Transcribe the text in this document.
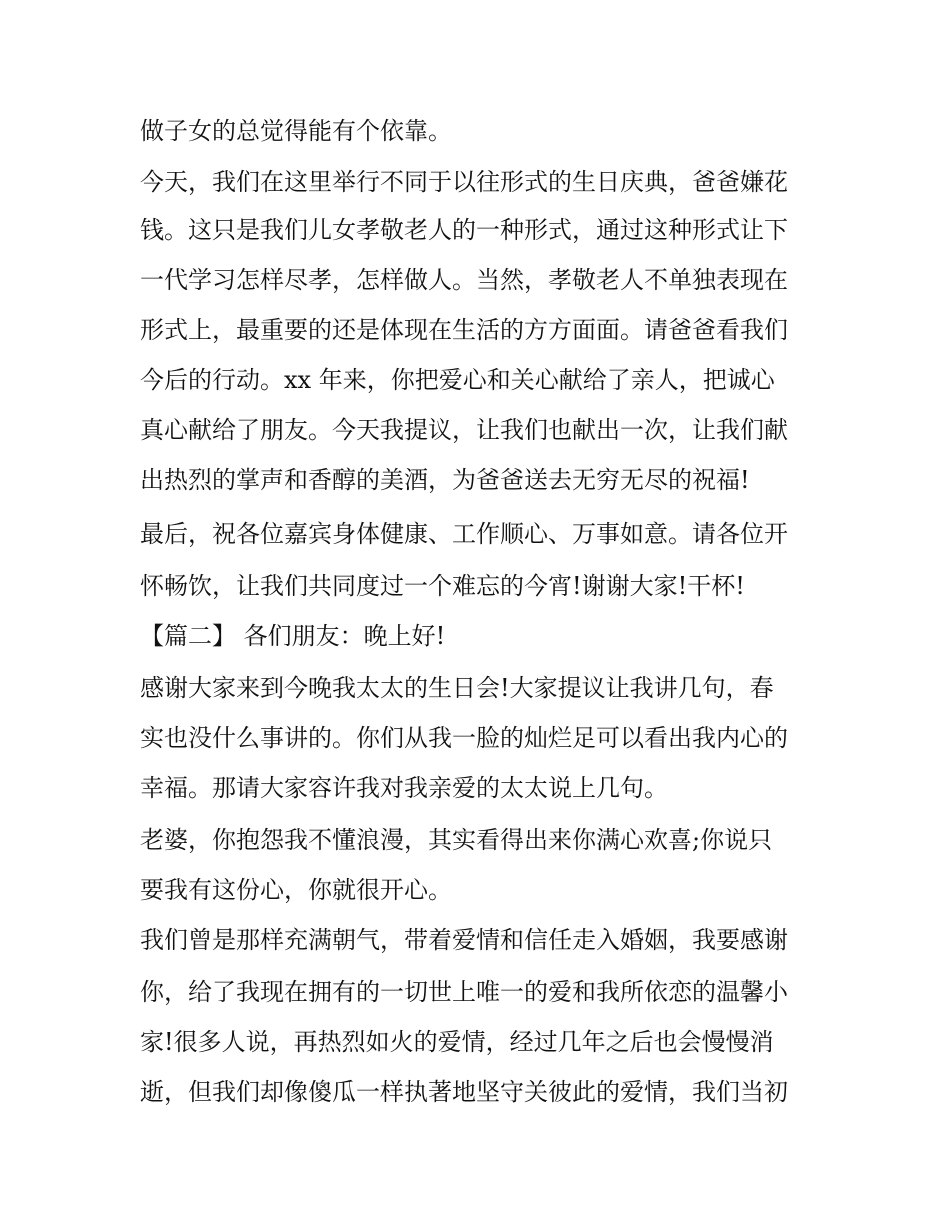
做子女的总觉得能有个依靠。
今天，我们在这里举行不同于以往形式的生日庆典，爸爸嫌花
钱。这只是我们儿女孝敬老人的一种形式，通过这种形式让下
一代学习怎样尽孝，怎样做人。当然，孝敬老人不单独表现在
形式上，最重要的还是体现在生活的方方面面。请爸爸看我们
今后的行动。xx 年来，你把爱心和关心献给了亲人，把诚心
真心献给了朋友。今天我提议，让我们也献出一次，让我们献
出热烈的掌声和香醇的美酒，为爸爸送去无穷无尽的祝福!
最后，祝各位嘉宾身体健康、工作顺心、万事如意。请各位开
怀畅饮，让我们共同度过一个难忘的今宵!谢谢大家!干杯!
【篇二】 各们朋友：晚上好!
感谢大家来到今晚我太太的生日会!大家提议让我讲几句，春
实也没什么事讲的。你们从我一脸的灿烂足可以看出我内心的
幸福。那请大家容许我对我亲爱的太太说上几句。
老婆，你抱怨我不懂浪漫，其实看得出来你满心欢喜;你说只
要我有这份心，你就很开心。
我们曾是那样充满朝气，带着爱情和信任走入婚姻，我要感谢
你，给了我现在拥有的一切世上唯一的爱和我所依恋的温馨小
家!很多人说，再热烈如火的爱情，经过几年之后也会慢慢消
逝，但我们却像傻瓜一样执著地坚守关彼此的爱情，我们当初
